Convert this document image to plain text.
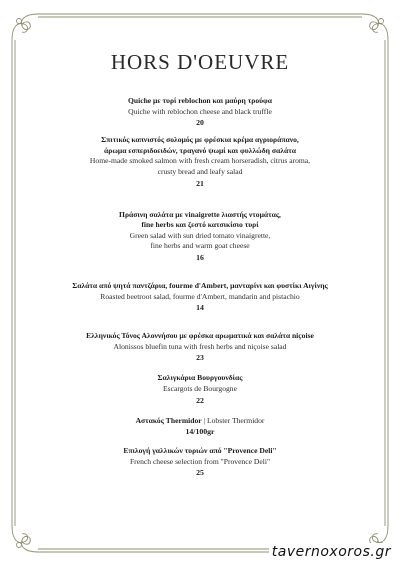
HORS D'OEUVRE
Quiche με τυρί reblochon και μαύρη τρούφα
Quiche with reblochon cheese and black truffle
20
Σπιτικός καπνιστός σολομός με φρέσκια κρέμα αγριοράπανο,
άρωμα εσπεριδοειδών, τραγανό ψωμί και φυλλώδη σαλάτα
Home-made smoked salmon with fresh cream horseradish, citrus aroma,
crusty bread and leafy salad
21
Πράσινη σαλάτα με vinaigrette λιαστής ντομάτας,
fine herbs και ζεστό κατσικίσιο τυρί
Green salad with sun dried tomato vinaigrette,
fine herbs and warm goat cheese
16
Σαλάτα από ψητά παντζάρια, fourme d'Ambert, μανταρίνι και φυστίκι Αιγίνης
Roasted beetroot salad, fourme d'Ambert, mandarin and pistachio
14
Ελληνικός Τόνος Αλοννήσου με φρέσκα αρωματικά και σαλάτα niçoise
Alonissos bluefin tuna with fresh herbs and niçoise salad
23
Σαλιγκάρια Βουργουνδίας
Escargots de Bourgogne
22
Αστακός Thermidor | Lobster Thermidor
14/100gr
Επιλογή γαλλικών τυριών από "Provence Deli"
French cheese selection from "Provence Deli"
25
tavernoxoros.gr
